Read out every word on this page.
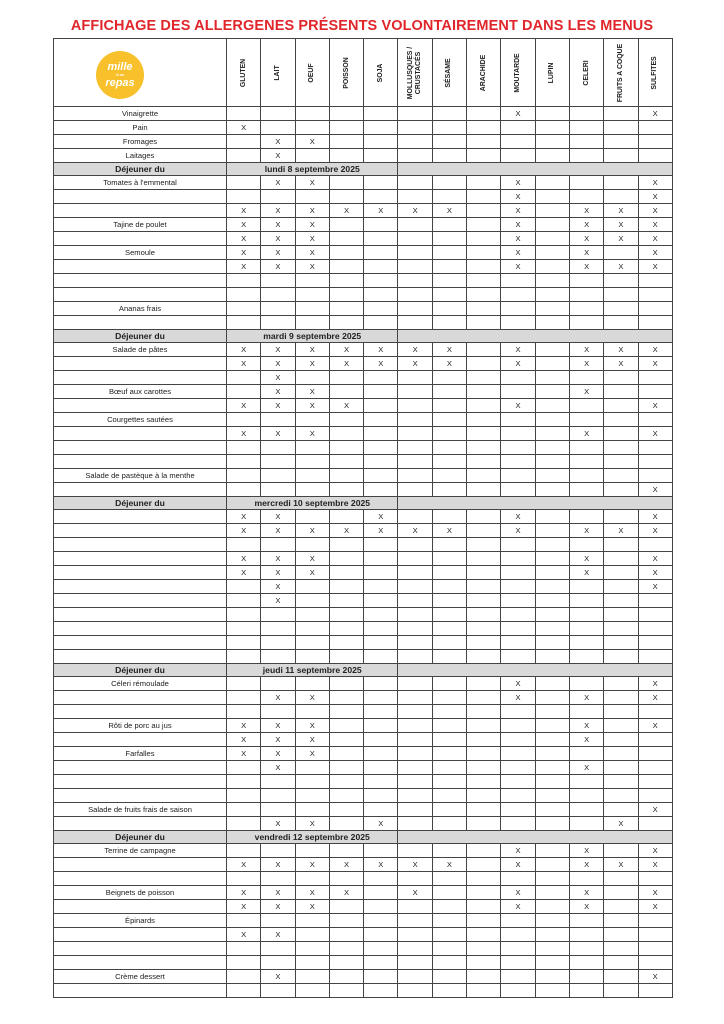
AFFICHAGE DES ALLERGENES PRÉSENTS VOLONTAIREMENT DANS LES MENUS
mille
et un
repas	GLUTEN	LAIT	OEUF	POISSON	SOJA	MOLLUSQUES / CRUSTACÉS	SÉSAME	ARACHIDE	MOUTARDE	LUPIN	CELERI	FRUITS A COQUE	SULFITES

Vinaigrette									X				X
Pain	X												
Fromages		X	X										
Laitages		X											
Déjeuner du	lundi 8 septembre 2025												
Tomates à l'emmental		X	X						X				X
									X				X
	X	X	X	X	X	X	X		X		X	X	X
Tajine de poulet	X	X	X						X		X	X	X
	X	X	X						X		X	X	X
Semoule	X	X	X						X		X		X
	X	X	X						X		X	X	X

Ananas frais													

Déjeuner du	mardi 9 septembre 2025												
Salade de pâtes	X	X	X	X	X	X	X		X		X	X	X
	X	X	X	X	X	X	X		X		X	X	X
		X											
Bœuf aux carottes		X	X								X		
	X	X	X	X					X				X
Courgettes sautées													
	X	X	X								X		X

Salade de pastèque à la menthe													
													X
Déjeuner du	mercredi 10 septembre 2025												
	X	X			X				X				X
	X	X	X	X	X	X	X		X		X	X	X

	X	X	X								X		X
	X	X	X								X		X
		X											X
		X											

Déjeuner du	jeudi 11 septembre 2025												
Céleri rémoulade									X				X
		X	X						X		X		X

Rôti de porc au jus	X	X	X								X		X
	X	X	X								X		
Farfalles	X	X	X										
		X									X		

Salade de fruits frais de saison													X
		X	X		X							X	
Déjeuner du	vendredi 12 septembre 2025												
Terrine de campagne									X		X		X
	X	X	X	X	X	X	X		X		X	X	X

Beignets de poisson	X	X	X	X		X			X		X		X
	X	X	X						X		X		X
Épinards													
	X	X											

Crème dessert		X											X
